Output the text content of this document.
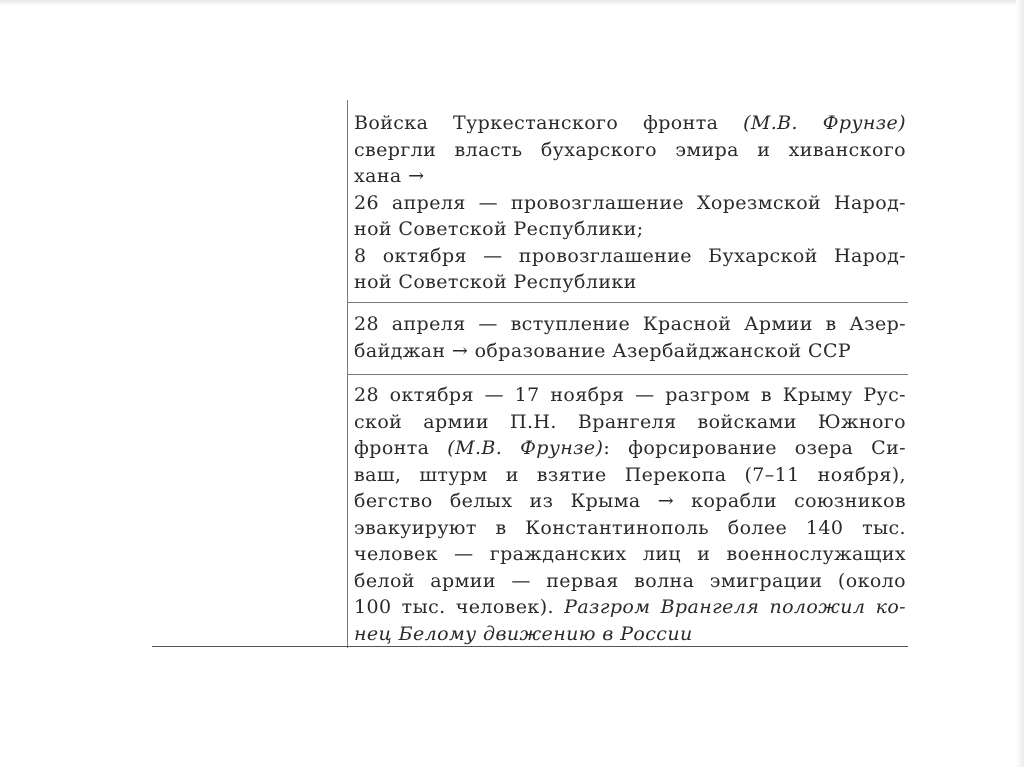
Войска Туркестанского фронта (М.В. Фрунзе)

свергли власть бухарского эмира и хиванского

хана →

26 апреля — провозглашение Хорезмской Народ-

ной Советской Республики;

8 октября — провозглашение Бухарской Народ-

ной Советской Республики

28 апреля — вступление Красной Армии в Азер-

байджан → образование Азербайджанской ССР

28 октября — 17 ноября — разгром в Крыму Рус-

ской армии П.Н. Врангеля войсками Южного

фронта (М.В. Фрунзе): форсирование озера Си-

ваш, штурм и взятие Перекопа (7–11 ноября),

бегство белых из Крыма → корабли союзников

эвакуируют в Константинополь более 140 тыс.

человек — гражданских лиц и военнослужащих

белой армии — первая волна эмиграции (около

100 тыс. человек). Разгром Врангеля положил ко-

нец Белому движению в России
